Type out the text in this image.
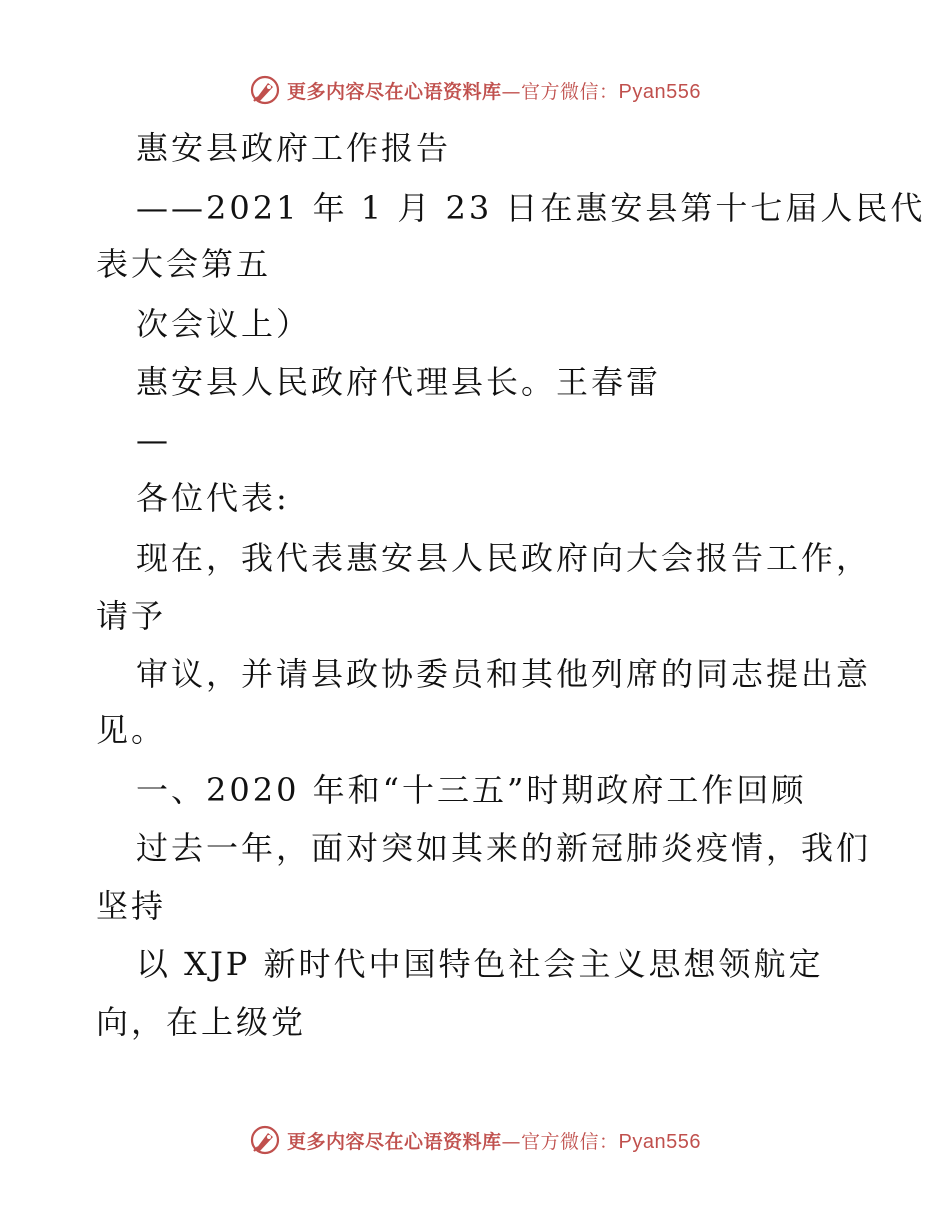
更多内容尽在心语资料库 — 官方微信： Pyan556
惠安县政府工作报告
——2021 年 1 月 23 日在惠安县第十七届人民代
表大会第五
次会议上）
惠安县人民政府代理县长。王春雷
—
各位代表:
现在，我代表惠安县人民政府向大会报告工作，
请予
审议，并请县政协委员和其他列席的同志提出意
见。
一、2020 年和“十三五”时期政府工作回顾
过去一年，面对突如其来的新冠肺炎疫情，我们
坚持
以 XJP 新时代中国特色社会主义思想领航定
向，在上级党
更多内容尽在心语资料库 — 官方微信： Pyan556
